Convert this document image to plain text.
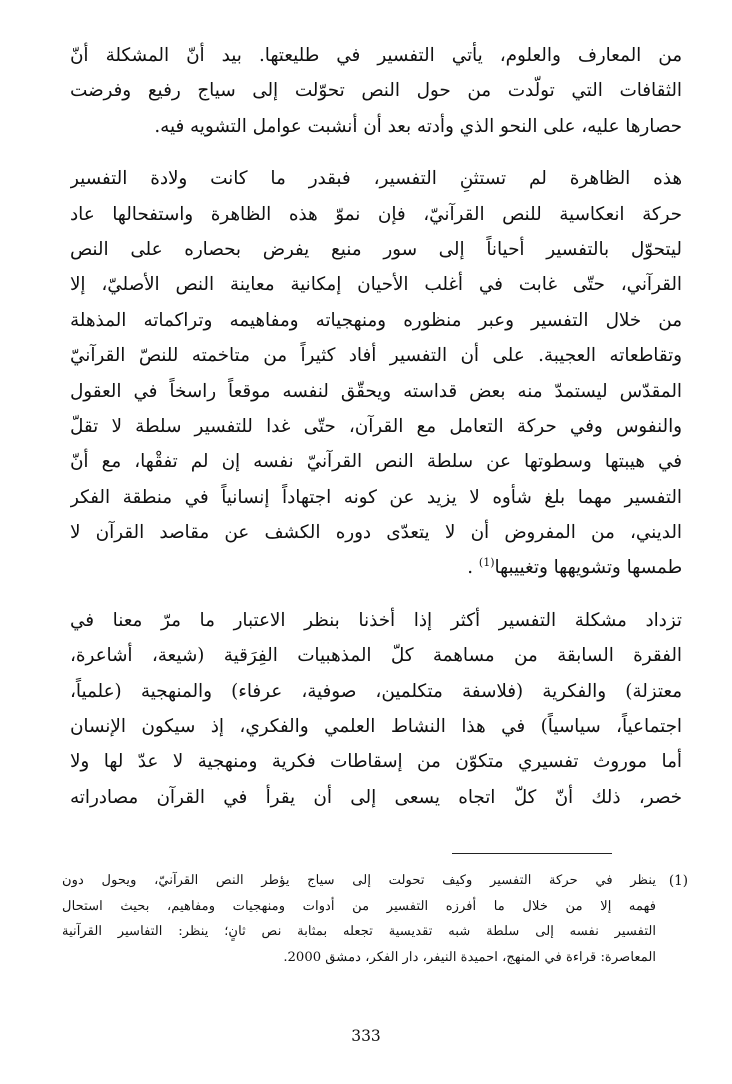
من المعارف والعلوم، يأتي التفسير في طليعتها. بيد أنّ المشكلة أنّ
الثقافات التي تولّدت من حول النص تحوّلت إلى سياج رفيع وفرضت
حصارها عليه، على النحو الذي وأدته بعد أن أنشبت عوامل التشويه فيه.
هذه الظاهرة لم تستثنِ التفسير، فبقدر ما كانت ولادة التفسير
حركة انعكاسية للنص القرآنيّ، فإن نموّ هذه الظاهرة واستفحالها عاد
ليتحوّل بالتفسير أحياناً إلى سور منيع يفرض بحصاره على النص
القرآني، حتّى غابت في أغلب الأحيان إمكانية معاينة النص الأصليّ، إلا
من خلال التفسير وعبر منظوره ومنهجياته ومفاهيمه وتراكماته المذهلة
وتقاطعاته العجيبة. على أن التفسير أفاد كثيراً من متاخمته للنصّ القرآنيّ
المقدّس ليستمدّ منه بعض قداسته ويحقّق لنفسه موقعاً راسخاً في العقول
والنفوس وفي حركة التعامل مع القرآن، حتّى غدا للتفسير سلطة لا تقلّ
في هيبتها وسطوتها عن سلطة النص القرآنيّ نفسه إن لم تفقْها، مع أنّ
التفسير مهما بلغ شأوه لا يزيد عن كونه اجتهاداً إنسانياً في منطقة الفكر
الديني، من المفروض أن لا يتعدّى دوره الكشف عن مقاصد القرآن لا
طمسها وتشويهها وتغييبها$^{(1)}$ .
تزداد مشكلة التفسير أكثر إذا أخذنا بنظر الاعتبار ما مرّ معنا في
الفقرة السابقة من مساهمة كلّ المذهبيات الفِرَقية (شيعة، أشاعرة،
معتزلة) والفكرية (فلاسفة متكلمين، صوفية، عرفاء) والمنهجية (علمياً،
اجتماعياً، سياسياً) في هذا النشاط العلمي والفكري، إذ سيكون الإنسان
أما موروث تفسيري متكوّن من إسقاطات فكرية ومنهجية لا عدّ لها ولا
خصر، ذلك أنّ كلّ اتجاه يسعى إلى أن يقرأ في القرآن مصادراته
(1)
ينظر في حركة التفسير وكيف تحولت إلى سياج يؤطر النص القرآنيّ، ويحول دون
فهمه إلا من خلال ما أفرزه التفسير من أدوات ومنهجيات ومفاهيم، بحيث استحال
التفسير نفسه إلى سلطة شبه تقديسية تجعله بمثابة نص ثانٍ؛ ينظر: التفاسير القرآنية
المعاصرة: قراءة في المنهج، احميدة النيفر، دار الفكر، دمشق 2000.
333
